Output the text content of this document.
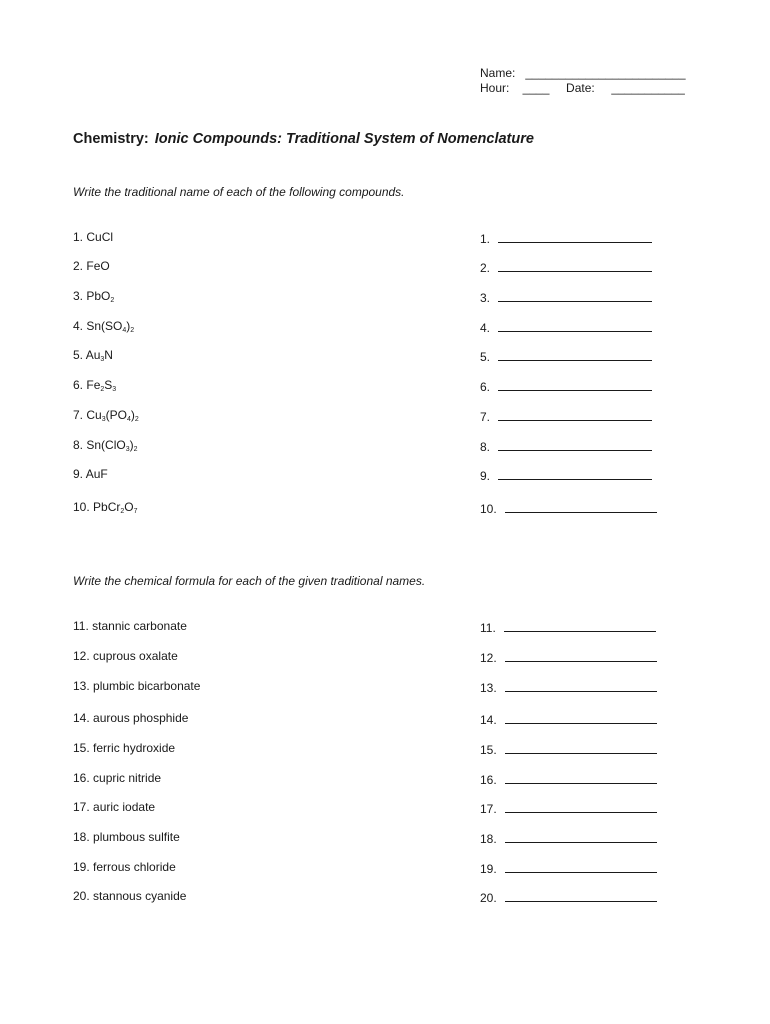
Name:   ________________________
Hour:    ____     Date:     ___________
Chemistry: Ionic Compounds: Traditional System of Nomenclature
Write the traditional name of each of the following compounds.
1. CuCl	1.
2. FeO	2.
3. PbO$_2$	3.
4. $Sn(SO_4)_2$	4.
5. $Au_3N$	5.
6. $Fe_2S_3$	6.
7. $Cu_3(PO_4)_2$	7.
8. $Sn(ClO_3)_2$	8.
9. AuF	9.
10. $PbCr_2O_7$	10.
Write the chemical formula for each of the given traditional names.
11. stannic carbonate	11.
12. cuprous oxalate	12.
13. plumbic bicarbonate	13.
14. aurous phosphide	14.
15. ferric hydroxide	15.
16. cupric nitride	16.
17. auric iodate	17.
18. plumbous sulfite	18.
19. ferrous chloride	19.
20. stannous cyanide	20.
